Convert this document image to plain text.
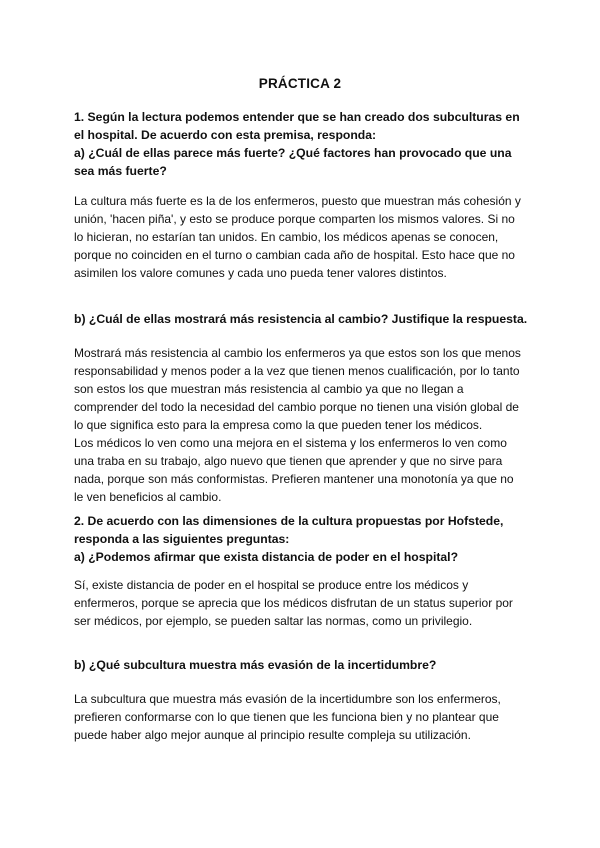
PRÁCTICA 2
1. Según la lectura podemos entender que se han creado dos subculturas en
el hospital. De acuerdo con esta premisa, responda:
a) ¿Cuál de ellas parece más fuerte? ¿Qué factores han provocado que una
sea más fuerte?
La cultura más fuerte es la de los enfermeros, puesto que muestran más cohesión y
unión, 'hacen piña', y esto se produce porque comparten los mismos valores. Si no
lo hicieran, no estarían tan unidos. En cambio, los médicos apenas se conocen,
porque no coinciden en el turno o cambian cada año de hospital. Esto hace que no
asimilen los valore comunes y cada uno pueda tener valores distintos.
b) ¿Cuál de ellas mostrará más resistencia al cambio? Justifique la respuesta.
Mostrará más resistencia al cambio los enfermeros ya que estos son los que menos
responsabilidad y menos poder a la vez que tienen menos cualificación, por lo tanto
son estos los que muestran más resistencia al cambio ya que no llegan a
comprender del todo la necesidad del cambio porque no tienen una visión global de
lo que significa esto para la empresa como la que pueden tener los médicos.
Los médicos lo ven como una mejora en el sistema y los enfermeros lo ven como
una traba en su trabajo, algo nuevo que tienen que aprender y que no sirve para
nada, porque son más conformistas. Prefieren mantener una monotonía ya que no
le ven beneficios al cambio.
2. De acuerdo con las dimensiones de la cultura propuestas por Hofstede,
responda a las siguientes preguntas:
a) ¿Podemos afirmar que exista distancia de poder en el hospital?
Sí, existe distancia de poder en el hospital se produce entre los médicos y
enfermeros, porque se aprecia que los médicos disfrutan de un status superior por
ser médicos, por ejemplo, se pueden saltar las normas, como un privilegio.
b) ¿Qué subcultura muestra más evasión de la incertidumbre?
La subcultura que muestra más evasión de la incertidumbre son los enfermeros,
prefieren conformarse con lo que tienen que les funciona bien y no plantear que
puede haber algo mejor aunque al principio resulte compleja su utilización.
